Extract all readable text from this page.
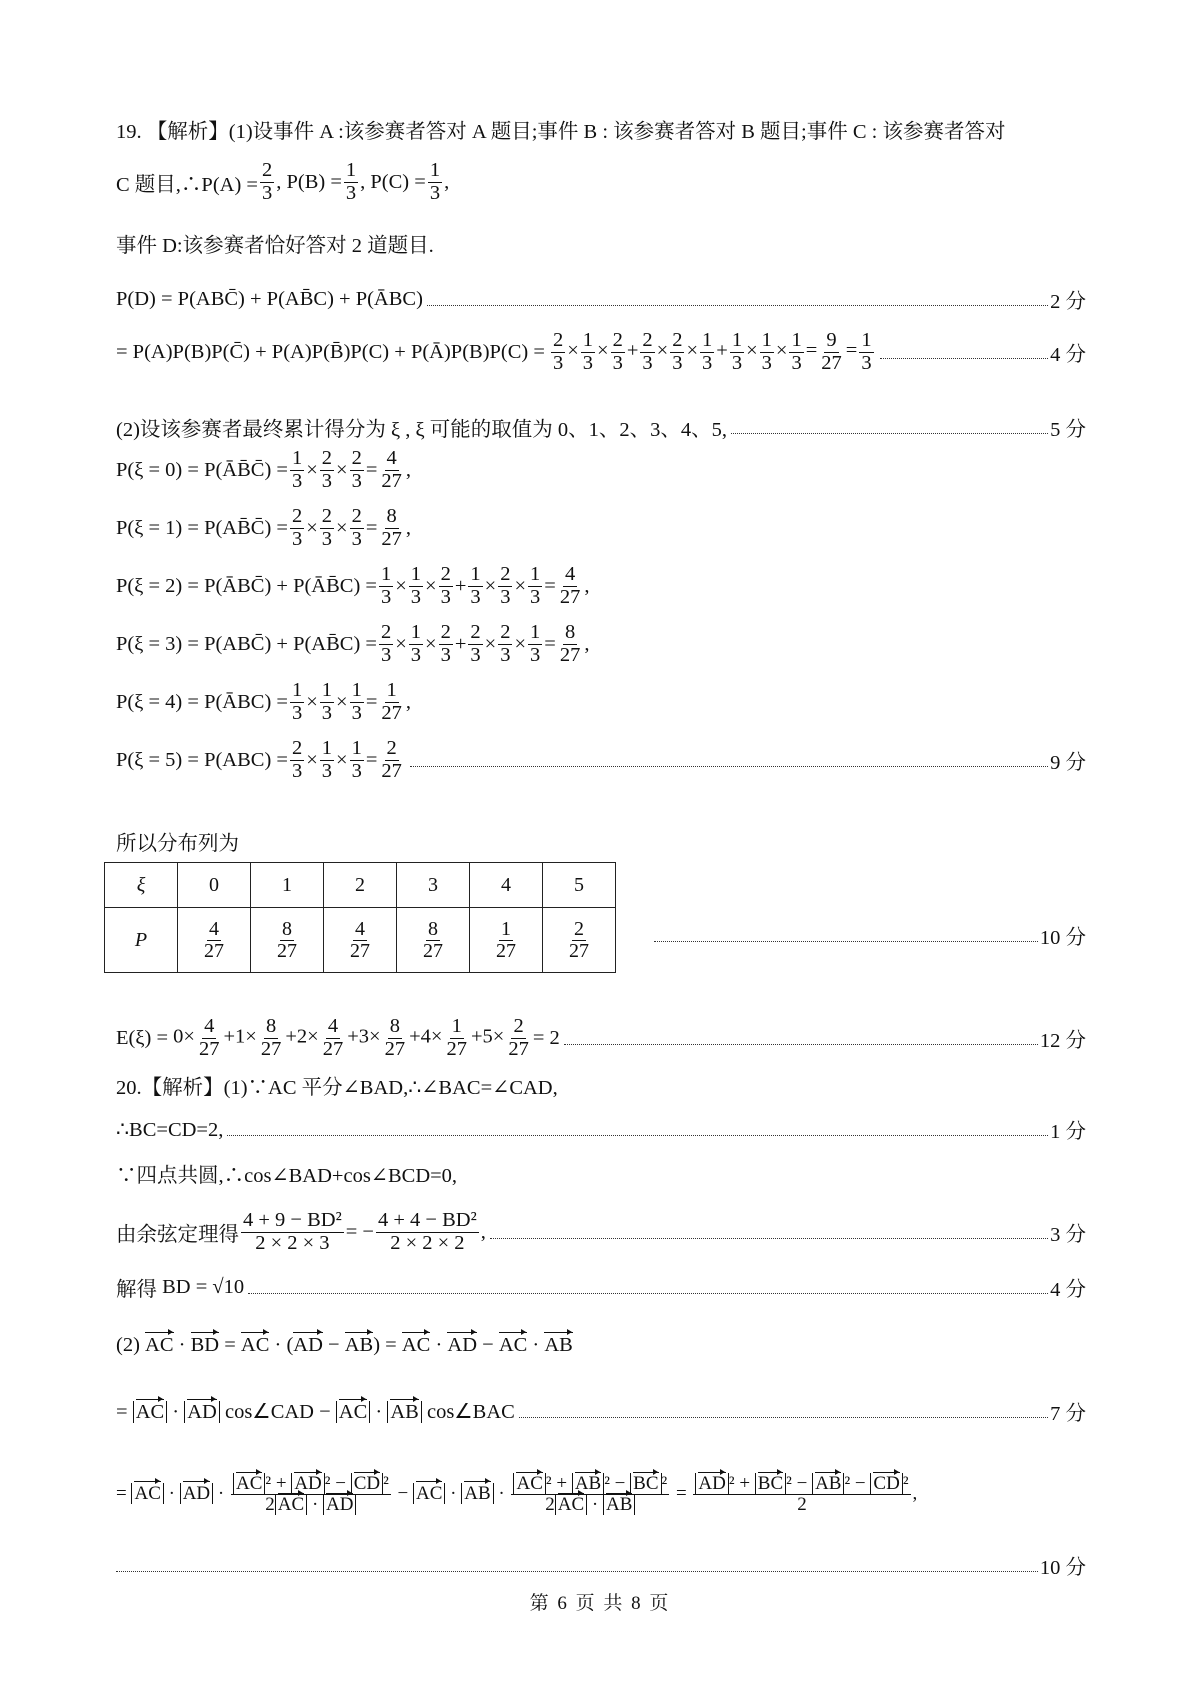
19. 【解析】(1)设事件 A :该参赛者答对 A 题目;事件 B : 该参赛者答对 B 题目;事件 C : 该参赛者答对
C 题目,∴P(A) = $\frac{2}{3}$ , $P(B) = \frac{1}{3}$ , $P(C) = \frac{1}{3}$ ,
事件 D:该参赛者恰好答对 2 道题目.
P(D) = P(ABC̄) + P(AB̄C) + P(ĀBC)	2 分
= P(A)P(B)P(C̄) + P(A)P(B̄)P(C) + P(Ā)P(B)P(C) = $\frac{2}{3} \times \frac{1}{3} \times \frac{2}{3} + \frac{2}{3} \times \frac{2}{3} \times \frac{1}{3} + \frac{1}{3} \times \frac{1}{3} \times \frac{1}{3} = \frac{9}{27} = \frac{1}{3}$	4 分
(2)设该参赛者最终累计得分为 ξ , ξ 可能的取值为 0、1、2、3、4、5,	5 分
P(ξ = 0) = P(ĀB̄C̄) = $\frac{1}{3} \times \frac{2}{3} \times \frac{2}{3} = \frac{4}{27}$ ,
P(ξ = 1) = P(AB̄C̄) = $\frac{2}{3} \times \frac{2}{3} \times \frac{2}{3} = \frac{8}{27}$ ,
P(ξ = 2) = P(ĀBC̄) + P(ĀB̄C) = $\frac{1}{3} \times \frac{1}{3} \times \frac{2}{3} + \frac{1}{3} \times \frac{2}{3} \times \frac{1}{3} = \frac{4}{27}$ ,
P(ξ = 3) = P(ABC̄) + P(AB̄C) = $\frac{2}{3} \times \frac{1}{3} \times \frac{2}{3} + \frac{2}{3} \times \frac{2}{3} \times \frac{1}{3} = \frac{8}{27}$ ,
P(ξ = 4) = P(ĀBC) = $\frac{1}{3} \times \frac{1}{3} \times \frac{1}{3} = \frac{1}{27}$ ,
$P(\xi = 5) = P(ABC) = \frac{2}{3} \times \frac{1}{3} \times \frac{1}{3} = \frac{2}{27}$	9 分
所以分布列为
ξ	0	1	2	3	4	5
P	$\frac{4}{27}$	$\frac{8}{27}$	$\frac{4}{27}$	$\frac{8}{27}$	$\frac{1}{27}$	$\frac{2}{27}$	10 分
$E(\xi) = 0\times \frac{4}{27} +1\times \frac{8}{27} +2\times \frac{4}{27} +3\times \frac{8}{27} +4\times \frac{1}{27} +5\times \frac{2}{27} = 2$	12 分
20.【解析】(1)∵AC 平分∠BAD,∴∠BAC=∠CAD,
∴BC=CD=2,	1 分
∵四点共圆,∴cos∠BAD+cos∠BCD=0,
由余弦定理得 $\frac{\text{4 + 9 − BD²}}{2 \times 2 \times 3}$ = − $\frac{\text{4 + 4 − BD²}}{2 \times 2 \times 2}$ ,	3 分
解得
BD = √10	4 分
(2)
AC · BD = AC · (AD − AB) = AC · AD − AC · AB
= AC · AD cos∠CAD − AC · AB cos∠BAC	7 分
= AC · AD · $\frac{\text{AC ² + AD ² − CD ²}}{2 AC \cdot AD}$ − AC · AB · $\frac{\text{AC ² + AB ² − BC ²}}{2 AC \cdot AB} = \frac{\text{AD ² + BC ² − AB ² − CD ²}}{2}$ ,
10 分
第 6 页 共 8 页
